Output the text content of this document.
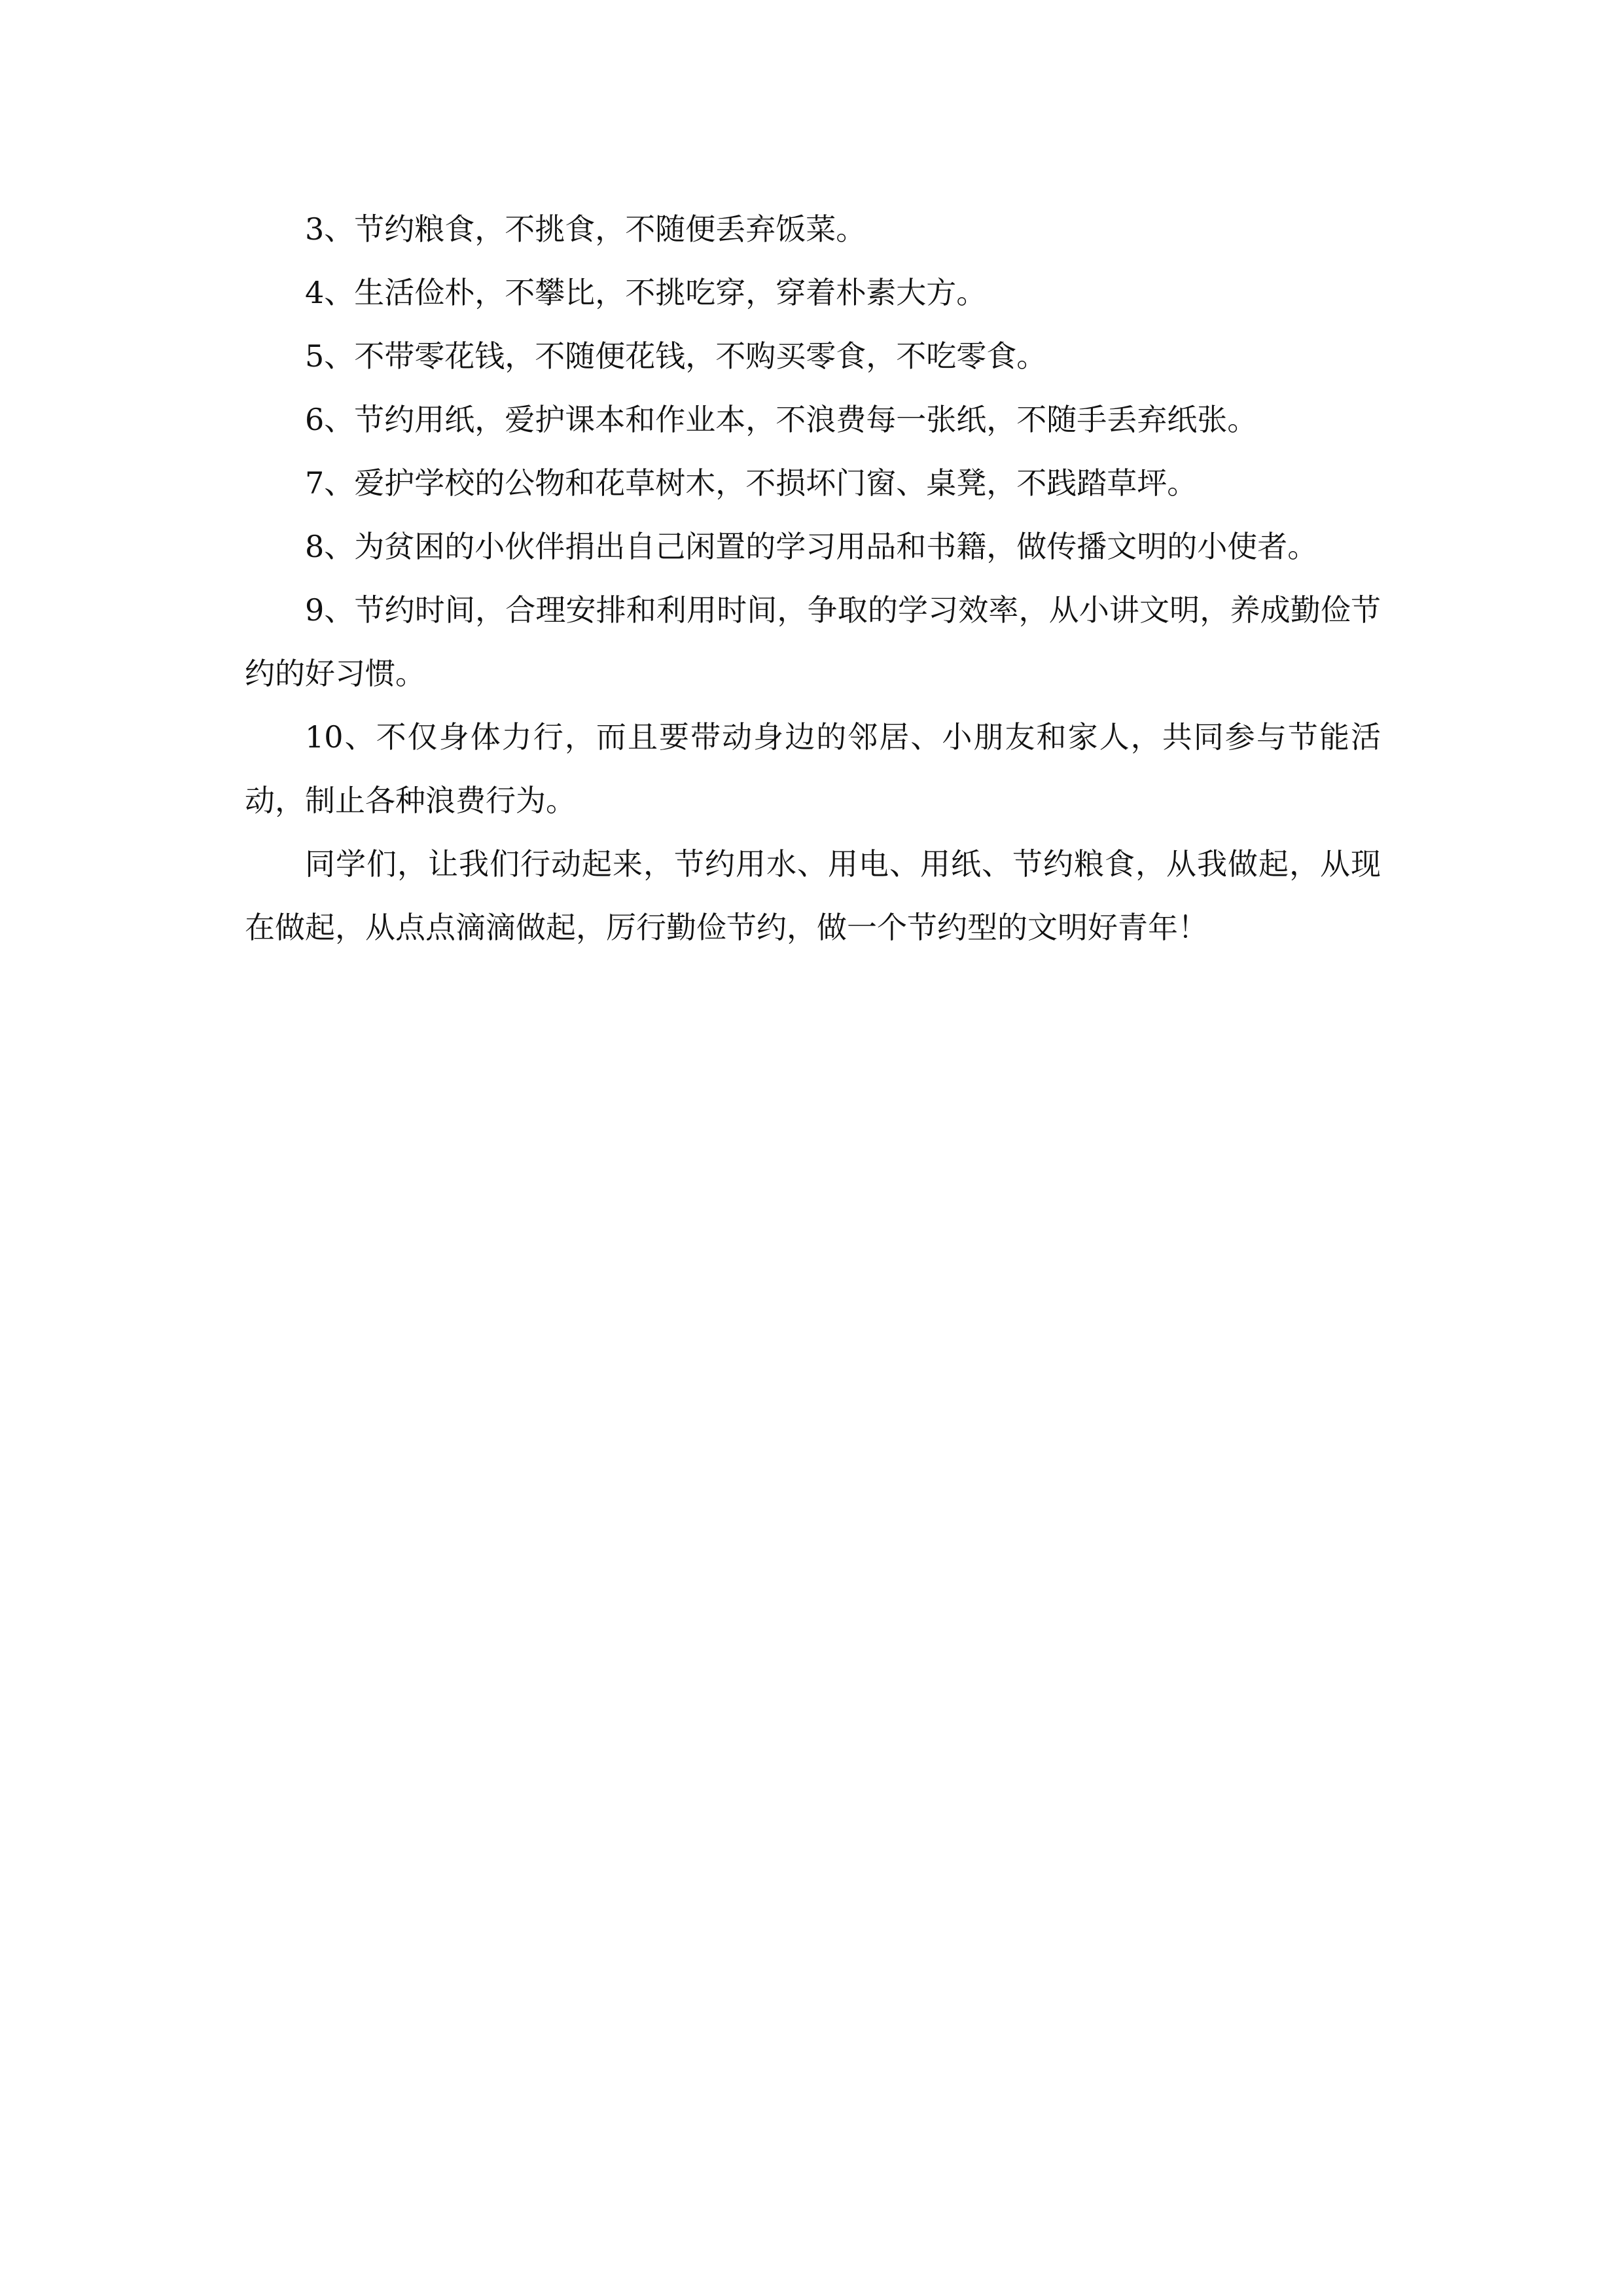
3、节约粮食，不挑食，不随便丢弃饭菜。

4、生活俭朴，不攀比，不挑吃穿，穿着朴素大方。

5、不带零花钱，不随便花钱，不购买零食，不吃零食。

6、节约用纸，爱护课本和作业本，不浪费每一张纸，不随手丢弃纸张。

7、爱护学校的公物和花草树木，不损坏门窗、桌凳，不践踏草坪。

8、为贫困的小伙伴捐出自己闲置的学习用品和书籍，做传播文明的小使者。

9、节约时间，合理安排和利用时间，争取的学习效率，从小讲文明，养成勤俭节约的好习惯。

10、不仅身体力行，而且要带动身边的邻居、小朋友和家人，共同参与节能活动，制止各种浪费行为。

同学们，让我们行动起来，节约用水、用电、用纸、节约粮食，从我做起，从现在做起，从点点滴滴做起，厉行勤俭节约，做一个节约型的文明好青年！
